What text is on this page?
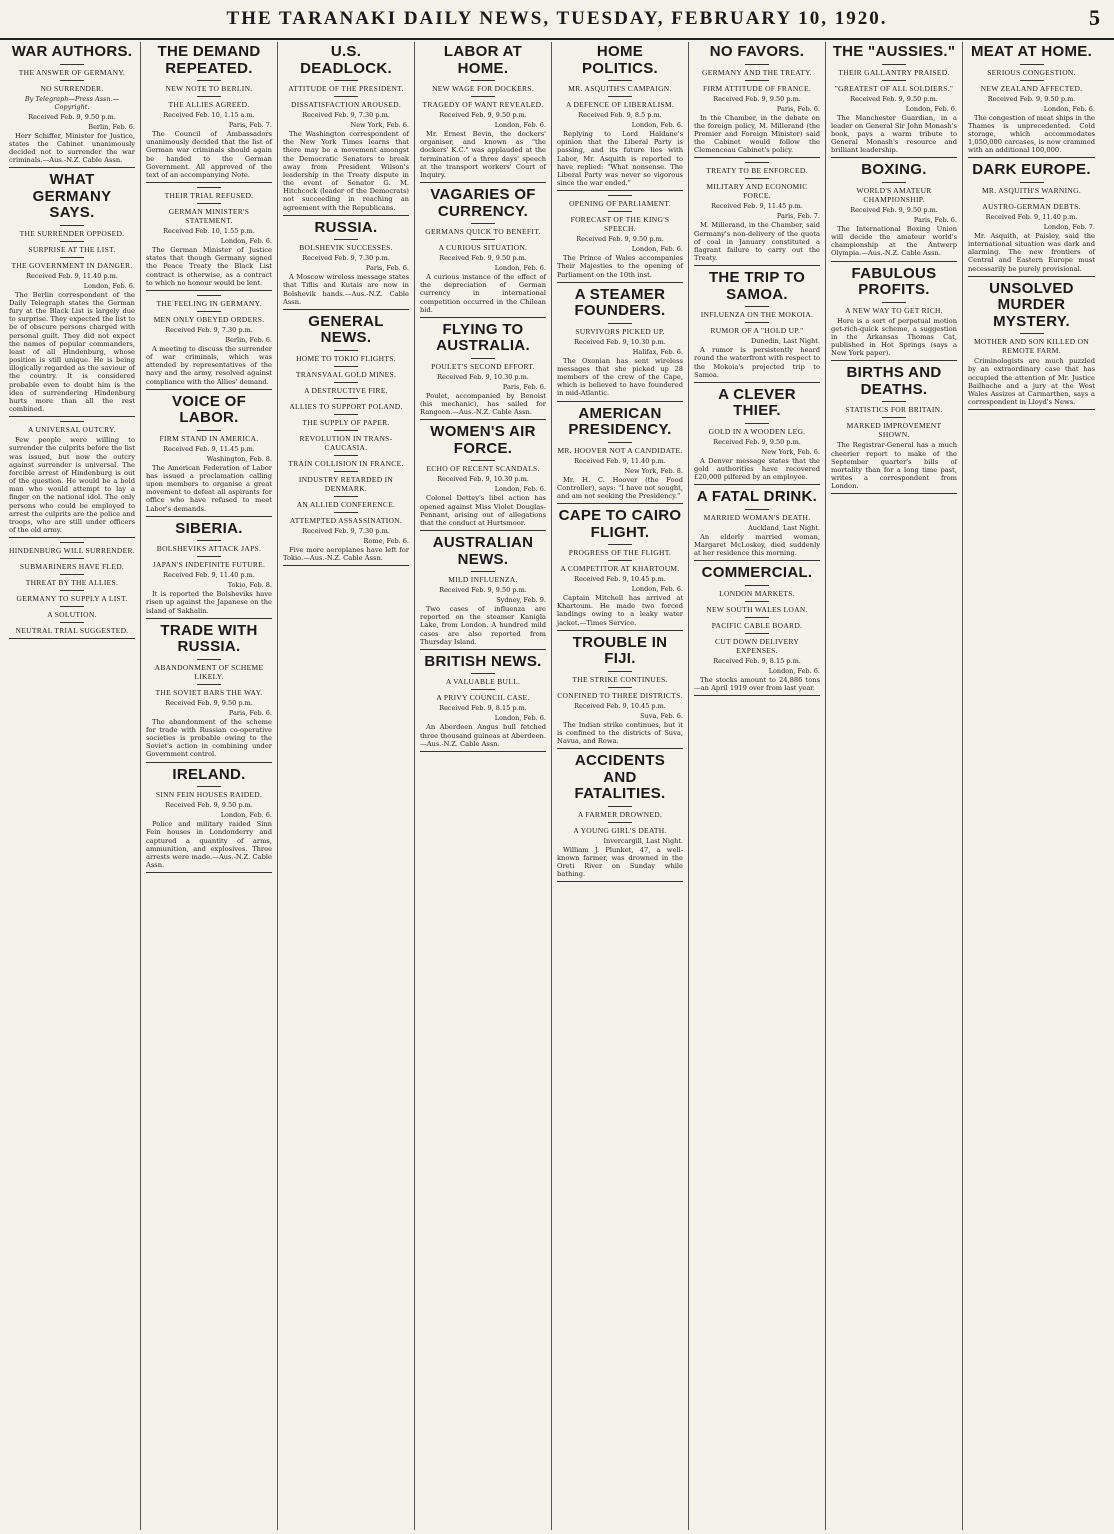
THE TARANAKI DAILY NEWS, TUESDAY, FEBRUARY 10, 1920.	5
WAR AUTHORS.
THE ANSWER OF GERMANY.
NO SURRENDER.
By Telegraph—Press Assn.—Copyright.
Received Feb. 9, 9.50 p.m.
Berlin, Feb. 6.

Herr Schiffer, Minister for Justice, states the Cabinet unanimously decided not to surrender the war criminals.—Aus.-N.Z. Cable Assn.

WHAT GERMANY SAYS.
THE SURRENDER OPPOSED.
SURPRISE AT THE LIST.
THE GOVERNMENT IN DANGER.
Received Feb. 9, 11.40 p.m.
London, Feb. 6.

The Berlin correspondent of the Daily Telegraph states the German fury at the Black List is largely due to surprise. They expected the list to be of obscure persons charged with personal guilt. They did not expect the names of popular commanders, least of all Hindenburg, whose position is still unique. He is being illogically regarded as the saviour of the country. It is considered probable even to doubt him is the idea of surrendering Hindenburg hurts more than all the rest combined.

A UNIVERSAL OUTCRY.

Few people were willing to surrender the culprits before the list was issued, but now the outcry against surrender is universal. The forcible arrest of Hindenburg is out of the question. He would be a bold man who would attempt to lay a finger on the national idol. The only persons who could be employed to arrest the culprits are the police and troops, who are still under officers of the old army.

HINDENBURG WILL SURRENDER.
SUBMARINERS HAVE FLED.
THREAT BY THE ALLIES.
GERMANY TO SUPPLY A LIST.
A SOLUTION.
NEUTRAL TRIAL SUGGESTED.
THE DEMAND REPEATED.
NEW NOTE TO BERLIN.
THE ALLIES AGREED.
Received Feb. 10, 1.15 a.m.
Paris, Feb. 7.

The Council of Ambassadors unanimously decided that the list of German war criminals should again be handed to the German Government. All approved of the text of an accompanying Note.

THEIR TRIAL REFUSED.
GERMAN MINISTER'S STATEMENT.
Received Feb. 10, 1.55 p.m.
London, Feb. 6.

The German Minister of Justice states that though Germany signed the Peace Treaty the Black List contract is otherwise, as a contract to which no honour would be lent.

THE FEELING IN GERMANY.
MEN ONLY OBEYED ORDERS.
Received Feb. 9, 7.30 p.m.
Berlin, Feb. 6.

A meeting to discuss the surrender of war criminals, which was attended by representatives of the navy and the army, resolved against compliance with the Allies' demand.

VOICE OF LABOR.
FIRM STAND IN AMERICA.
Received Feb. 9, 11.45 p.m.
Washington, Feb. 8.

The American Federation of Labor has issued a proclamation calling upon members to organise a great movement to defeat all aspirants for office who have refused to meet Labor's demands.

SIBERIA.
BOLSHEVIKS ATTACK JAPS.
JAPAN'S INDEFINITE FUTURE.
Received Feb. 9, 11.40 p.m.
Tokio, Feb. 8.

It is reported the Bolsheviks have risen up against the Japanese on the island of Sakhalin.

TRADE WITH RUSSIA.
ABANDONMENT OF SCHEME LIKELY.
THE SOVIET BARS THE WAY.
Received Feb. 9, 9.50 p.m.
Paris, Feb. 6.

The abandonment of the scheme for trade with Russian co-operative societies is probable owing to the Soviet's action in combining under Government control.

IRELAND.
SINN FEIN HOUSES RAIDED.
Received Feb. 9, 9.50 p.m.
London, Feb. 6.

Police and military raided Sinn Fein houses in Londonderry and captured a quantity of arms, ammunition, and explosives. Three arrests were made.—Aus.-N.Z. Cable Assn.

U.S. DEADLOCK.
ATTITUDE OF THE PRESIDENT.
DISSATISFACTION AROUSED.
Received Feb. 9, 7.30 p.m.
New York, Feb. 6.

The Washington correspondent of the New York Times learns that there may be a movement amongst the Democratic Senators to break away from President Wilson's leadership in the Treaty dispute in the event of Senator G. M. Hitchcock (leader of the Democrats) not succeeding in reaching an agreement with the Republicans.

RUSSIA.
BOLSHEVIK SUCCESSES.
Received Feb. 9, 7.30 p.m.
Paris, Feb. 6.

A Moscow wireless message states that Tiflis and Kutais are now in Bolshevik hands.—Aus.-N.Z. Cable Assn.

GENERAL NEWS.
HOME TO TOKIO FLIGHTS.
TRANSVAAL GOLD MINES.
A DESTRUCTIVE FIRE.
ALLIES TO SUPPORT POLAND.
THE SUPPLY OF PAPER.
REVOLUTION IN TRANS-CAUCASIA.
TRAIN COLLISION IN FRANCE.
INDUSTRY RETARDED IN DENMARK.
AN ALLIED CONFERENCE.
ATTEMPTED ASSASSINATION.
Received Feb. 9, 7.30 p.m.
Rome, Feb. 6.

Five more aeroplanes have left for Tokio.—Aus.-N.Z. Cable Assn.

LABOR AT HOME.
NEW WAGE FOR DOCKERS.
TRAGEDY OF WANT REVEALED.
Received Feb. 9, 9.50 p.m.
London, Feb. 6.

Mr. Ernest Bevin, the dockers' organiser, and known as "the dockers' K.C." was applauded at the termination of a three days' speech at the transport workers' Court of Inquiry.

VAGARIES OF CURRENCY.
GERMANS QUICK TO BENEFIT.
A CURIOUS SITUATION.
Received Feb. 9, 9.50 p.m.
London, Feb. 6.

A curious instance of the effect of the depreciation of German currency in international competition occurred in the Chilean bid.

FLYING TO AUSTRALIA.
POULET'S SECOND EFFORT.
Received Feb. 9, 10.30 p.m.
Paris, Feb. 6.

Poulet, accompanied by Benoist (his mechanic), has sailed for Rangoon.—Aus.-N.Z. Cable Assn.

WOMEN'S AIR FORCE.
ECHO OF RECENT SCANDALS.
Received Feb. 9, 10.30 p.m.
London, Feb. 6.

Colonel Dettey's libel action has opened against Miss Violet Douglas-Pennant, arising out of allegations that the conduct at Hurtsmoor.

AUSTRALIAN NEWS.
MILD INFLUENZA.
Received Feb. 9, 9.50 p.m.
Sydney, Feb. 9.

Two cases of influenza are reported on the steamer Kanigla Lake, from London. A hundred mild cases are also reported from Thursday Island.

BRITISH NEWS.
A VALUABLE BULL.
A PRIVY COUNCIL CASE.
Received Feb. 9, 8.15 p.m.
London, Feb. 6.

An Aberdeen Angus bull fetched three thousand guineas at Aberdeen.—Aus.-N.Z. Cable Assn.

HOME POLITICS.
MR. ASQUITH'S CAMPAIGN.
A DEFENCE OF LIBERALISM.
Received Feb. 9, 8.5 p.m.
London, Feb. 6.

Replying to Lord Haldane's opinion that the Liberal Party is passing, and its future lies with Labor, Mr. Asquith is reported to have replied: "What nonsense. The Liberal Party was never so vigorous since the war ended."

OPENING OF PARLIAMENT.
FORECAST OF THE KING'S SPEECH.
Received Feb. 9, 9.50 p.m.
London, Feb. 6.

The Prince of Wales accompanies Their Majesties to the opening of Parliament on the 10th inst.

A STEAMER FOUNDERS.
SURVIVORS PICKED UP.
Received Feb. 9, 10.30 p.m.
Halifax, Feb. 6.

The Oxonian has sent wireless messages that she picked up 28 members of the crew of the Cape, which is believed to have foundered in mid-Atlantic.

AMERICAN PRESIDENCY.
MR. HOOVER NOT A CANDIDATE.
Received Feb. 9, 11.40 p.m.
New York, Feb. 8.

Mr. H. C. Hoover (the Food Controller), says: "I have not sought, and am not seeking the Presidency."

CAPE TO CAIRO FLIGHT.
PROGRESS OF THE FLIGHT.
A COMPETITOR AT KHARTOUM.
Received Feb. 9, 10.45 p.m.
London, Feb. 6.

Captain Mitchell has arrived at Khartoum. He made two forced landings owing to a leaky water jacket.—Times Service.

TROUBLE IN FIJI.
THE STRIKE CONTINUES.
CONFINED TO THREE DISTRICTS.
Received Feb. 9, 10.45 p.m.
Suva, Feb. 6.

The Indian strike continues, but it is confined to the districts of Suva, Navua, and Rewa.

ACCIDENTS AND FATALITIES.
A FARMER DROWNED.
A YOUNG GIRL'S DEATH.
Invercargill, Last Night.

William J. Plunket, 47, a well-known farmer, was drowned in the Oreti River on Sunday while bathing.

NO FAVORS.
GERMANY AND THE TREATY.
FIRM ATTITUDE OF FRANCE.
Received Feb. 9, 9.50 p.m.
Paris, Feb. 6.

In the Chamber, in the debate on the foreign policy, M. Millerand (the Premier and Foreign Minister) said the Cabinet would follow the Clemenceau Cabinet's policy.

TREATY TO BE ENFORCED.
MILITARY AND ECONOMIC FORCE.
Received Feb. 9, 11.45 p.m.
Paris, Feb. 7.

M. Millerand, in the Chamber, said Germany's non-delivery of the quota of coal in January constituted a flagrant failure to carry out the Treaty.

THE TRIP TO SAMOA.
INFLUENZA ON THE MOKOIA.
RUMOR OF A "HOLD UP."
Dunedin, Last Night.

A rumor is persistently heard round the waterfront with respect to the Mokoia's projected trip to Samoa.

A CLEVER THIEF.
GOLD IN A WOODEN LEG.
Received Feb. 9, 9.50 p.m.
New York, Feb. 6.

A Denver message states that the gold authorities have recovered £20,000 pilfered by an employee.

A FATAL DRINK.
MARRIED WOMAN'S DEATH.
Auckland, Last Night.

An elderly married woman, Margaret McLoskey, died suddenly at her residence this morning.

COMMERCIAL.
LONDON MARKETS.
NEW SOUTH WALES LOAN.
PACIFIC CABLE BOARD.
CUT DOWN DELIVERY EXPENSES.
Received Feb. 9, 8.15 p.m.
London, Feb. 6.

The stocks amount to 24,886 tons—an April 1919 over from last year.

THE "AUSSIES."
THEIR GALLANTRY PRAISED.
"GREATEST OF ALL SOLDIERS."
Received Feb. 9, 9.50 p.m.
London, Feb. 6.

The Manchester Guardian, in a leader on General Sir John Monash's book, pays a warm tribute to General Monash's resource and brilliant leadership.

BOXING.
WORLD'S AMATEUR CHAMPIONSHIP.
Received Feb. 9, 9.50 p.m.
Paris, Feb. 6.

The International Boxing Union will decide the amateur world's championship at the Antwerp Olympia.—Aus.-N.Z. Cable Assn.

FABULOUS PROFITS.
A NEW WAY TO GET RICH.

Here is a sort of perpetual motion get-rich-quick scheme, a suggestion in the Arkansas Thomas Cat, published in Hot Springs (says a New York paper).

BIRTHS AND DEATHS.
STATISTICS FOR BRITAIN.
MARKED IMPROVEMENT SHOWN.

The Registrar-General has a much cheerier report to make of the September quarter's bills of mortality than for a long time past, writes a correspondent from London.

MEAT AT HOME.
SERIOUS CONGESTION.
NEW ZEALAND AFFECTED.
Received Feb. 9, 9.50 p.m.
London, Feb. 6.

The congestion of meat ships in the Thames is unprecedented. Cold storage, which accommodates 1,050,000 carcases, is now crammed with an additional 100,000.

DARK EUROPE.
MR. ASQUITH'S WARNING.
AUSTRO-GERMAN DEBTS.
Received Feb. 9, 11.40 p.m.
London, Feb. 7.

Mr. Asquith, at Paisley, said the international situation was dark and alarming. The new frontiers of Central and Eastern Europe must necessarily be purely provisional.

UNSOLVED MURDER MYSTERY.
MOTHER AND SON KILLED ON REMOTE FARM.

Criminologists are much puzzled by an extraordinary case that has occupied the attention of Mr. Justice Bailhache and a jury at the West Wales Assizes at Carmarthen, says a correspondent in Lloyd's News.
